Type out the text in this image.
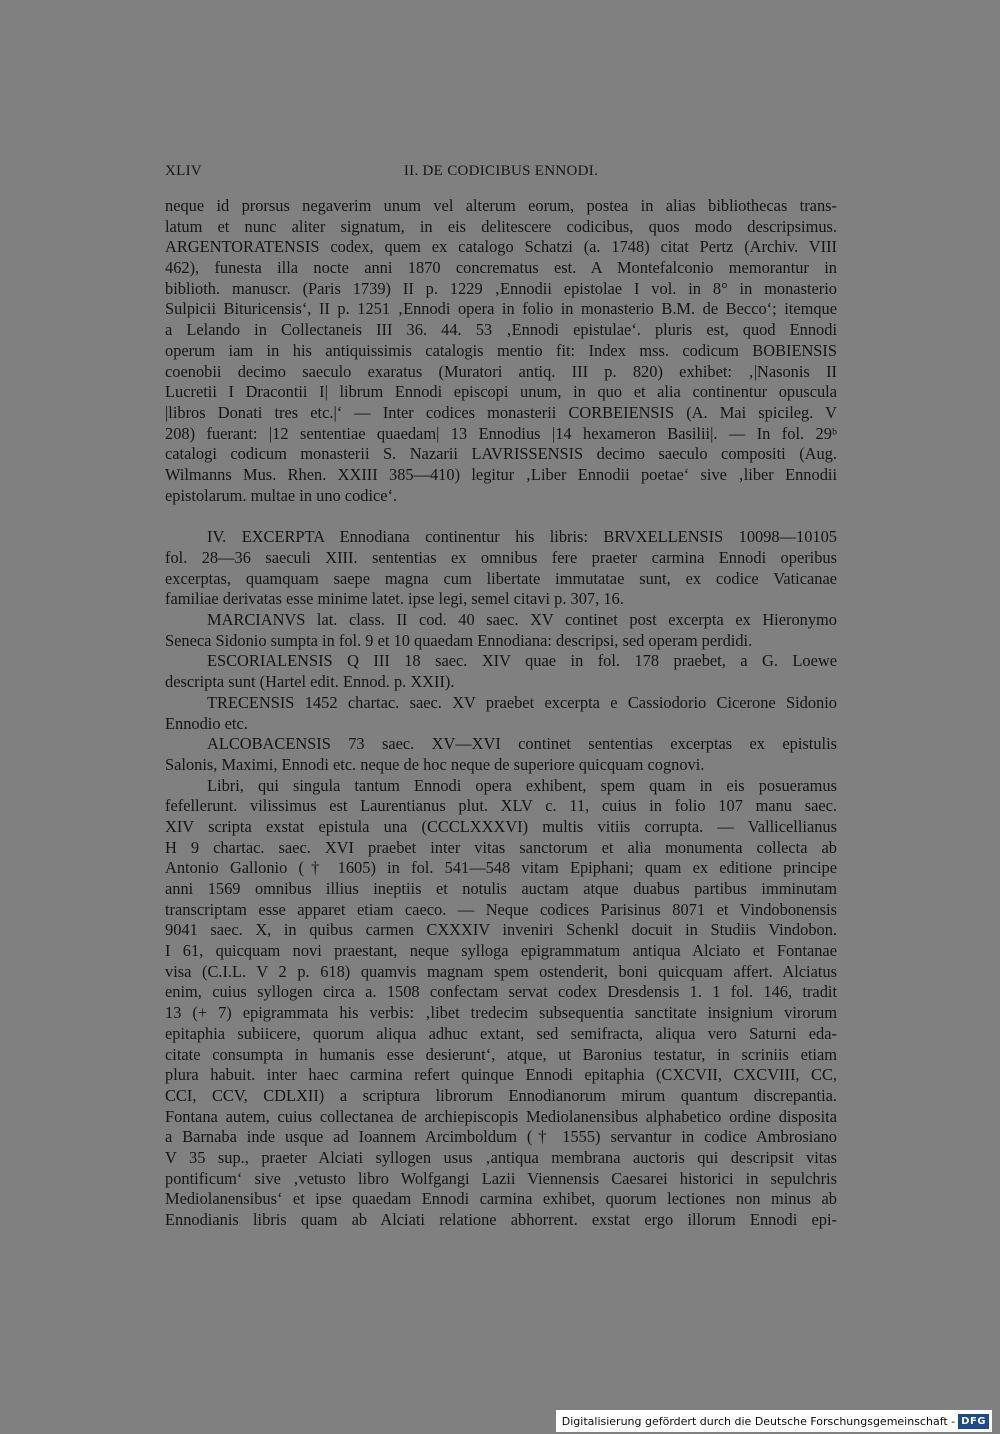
XLIV	II. DE CODICIBUS ENNODI.
neque id prorsus negaverim unum vel alterum eorum, postea in alias bibliothecas trans-
latum et nunc aliter signatum, in eis delitescere codicibus, quos modo descripsimus.
ARGENTORATENSIS codex, quem ex catalogo Schatzi (a. 1748) citat Pertz (Archiv. VIII
462), funesta illa nocte anni 1870 concrematus est. A Montefalconio memorantur in
biblioth. manuscr. (Paris 1739) II p. 1229 ‚Ennodii epistolae I vol. in 8° in monasterio
Sulpicii Bituricensis‘, II p. 1251 ‚Ennodi opera in folio in monasterio B.M. de Becco‘; itemque
a Lelando in Collectaneis III 36. 44. 53 ‚Ennodi epistulae‘. pluris est, quod Ennodi
operum iam in his antiquissimis catalogis mentio fit: Index mss. codicum BOBIENSIS
coenobii decimo saeculo exaratus (Muratori antiq. III p. 820) exhibet: ‚|Nasonis II
Lucretii I Dracontii I| librum Ennodi episcopi unum, in quo et alia continentur opuscula
|libros Donati tres etc.|‘ — Inter codices monasterii CORBEIENSIS (A. Mai spicileg. V
208) fuerant: |12 sententiae quaedam| 13 Ennodius |14 hexameron Basilii|. — In fol. 29ᵇ
catalogi codicum monasterii S. Nazarii LAVRISSENSIS decimo saeculo compositi (Aug.
Wilmanns Mus. Rhen. XXIII 385—410) legitur ‚Liber Ennodii poetae‘ sive ‚liber Ennodii
epistolarum. multae in uno codice‘.
IV. EXCERPTA Ennodiana continentur his libris: BRVXELLENSIS 10098—10105
fol. 28—36 saeculi XIII. sententias ex omnibus fere praeter carmina Ennodi operibus
excerptas, quamquam saepe magna cum libertate immutatae sunt, ex codice Vaticanae
familiae derivatas esse minime latet. ipse legi, semel citavi p. 307, 16.
MARCIANVS lat. class. II cod. 40 saec. XV continet post excerpta ex Hieronymo
Seneca Sidonio sumpta in fol. 9 et 10 quaedam Ennodiana: descripsi, sed operam perdidi.
ESCORIALENSIS Q III 18 saec. XIV quae in fol. 178 praebet, a G. Loewe
descripta sunt (Hartel edit. Ennod. p. XXII).
TRECENSIS 1452 chartac. saec. XV praebet excerpta e Cassiodorio Cicerone Sidonio
Ennodio etc.
ALCOBACENSIS 73 saec. XV—XVI continet sententias excerptas ex epistulis
Salonis, Maximi, Ennodi etc. neque de hoc neque de superiore quicquam cognovi.
Libri, qui singula tantum Ennodi opera exhibent, spem quam in eis posueramus
fefellerunt. vilissimus est Laurentianus plut. XLV c. 11, cuius in folio 107 manu saec.
XIV scripta exstat epistula una (CCCLXXXVI) multis vitiis corrupta. — Vallicellianus
H 9 chartac. saec. XVI praebet inter vitas sanctorum et alia monumenta collecta ab
Antonio Gallonio († 1605) in fol. 541—548 vitam Epiphani; quam ex editione principe
anni 1569 omnibus illius ineptiis et notulis auctam atque duabus partibus imminutam
transcriptam esse apparet etiam caeco. — Neque codices Parisinus 8071 et Vindobonensis
9041 saec. X, in quibus carmen CXXXIV inveniri Schenkl docuit in Studiis Vindobon.
I 61, quicquam novi praestant, neque sylloga epigrammatum antiqua Alciato et Fontanae
visa (C.I.L. V 2 p. 618) quamvis magnam spem ostenderit, boni quicquam affert. Alciatus
enim, cuius syllogen circa a. 1508 confectam servat codex Dresdensis 1. 1 fol. 146, tradit
13 (+ 7) epigrammata his verbis: ‚libet tredecim subsequentia sanctitate insignium virorum
epitaphia subiicere, quorum aliqua adhuc extant, sed semifracta, aliqua vero Saturni eda-
citate consumpta in humanis esse desierunt‘, atque, ut Baronius testatur, in scriniis etiam
plura habuit. inter haec carmina refert quinque Ennodi epitaphia (CXCVII, CXCVIII, CC,
CCI, CCV, CDLXII) a scriptura librorum Ennodianorum mirum quantum discrepantia.
Fontana autem, cuius collectanea de archiepiscopis Mediolanensibus alphabetico ordine disposita
a Barnaba inde usque ad Ioannem Arcimboldum († 1555) servantur in codice Ambrosiano
V 35 sup., praeter Alciati syllogen usus ‚antiqua membrana auctoris qui descripsit vitas
pontificum‘ sive ‚vetusto libro Wolfgangi Lazii Viennensis Caesarei historici in sepulchris
Mediolanensibus‘ et ipse quaedam Ennodi carmina exhibet, quorum lectiones non minus ab
Ennodianis libris quam ab Alciati relatione abhorrent. exstat ergo illorum Ennodi epi-
Digitalisierung gefördert durch die Deutsche Forschungsgemeinschaft - DFG
